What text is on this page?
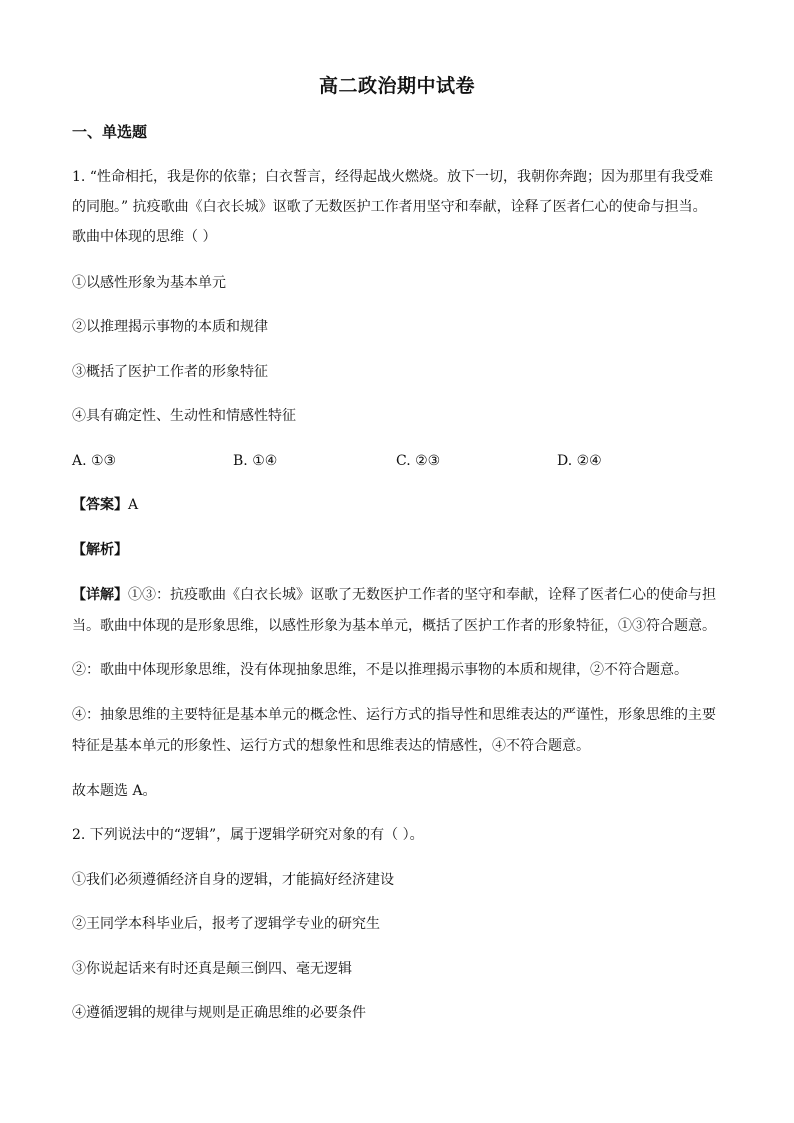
高二政治期中试卷
一、单选题
1. “性命相托，我是你的依靠；白衣誓言，经得起战火燃烧。放下一切，我朝你奔跑；因为那里有我受难
的同胞。” 抗疫歌曲《白衣长城》讴歌了无数医护工作者用坚守和奉献，诠释了医者仁心的使命与担当。
歌曲中体现的思维（ ）
①以感性形象为基本单元
②以推理揭示事物的本质和规律
③概括了医护工作者的形象特征
④具有确定性、生动性和情感性特征
A. ①③	B. ①④	C. ②③	D. ②④
【答案】A
【解析】
【详解】①③：抗疫歌曲《白衣长城》讴歌了无数医护工作者的坚守和奉献，诠释了医者仁心的使命与担
当。歌曲中体现的是形象思维，以感性形象为基本单元，概括了医护工作者的形象特征，①③符合题意。
②：歌曲中体现形象思维，没有体现抽象思维，不是以推理揭示事物的本质和规律，②不符合题意。
④：抽象思维的主要特征是基本单元的概念性、运行方式的指导性和思维表达的严谨性，形象思维的主要
特征是基本单元的形象性、运行方式的想象性和思维表达的情感性，④不符合题意。
故本题选 A。
2. 下列说法中的“逻辑”，属于逻辑学研究对象的有（ ）。
①我们必须遵循经济自身的逻辑，才能搞好经济建设
②王同学本科毕业后，报考了逻辑学专业的研究生
③你说起话来有时还真是颠三倒四、毫无逻辑
④遵循逻辑的规律与规则是正确思维的必要条件
